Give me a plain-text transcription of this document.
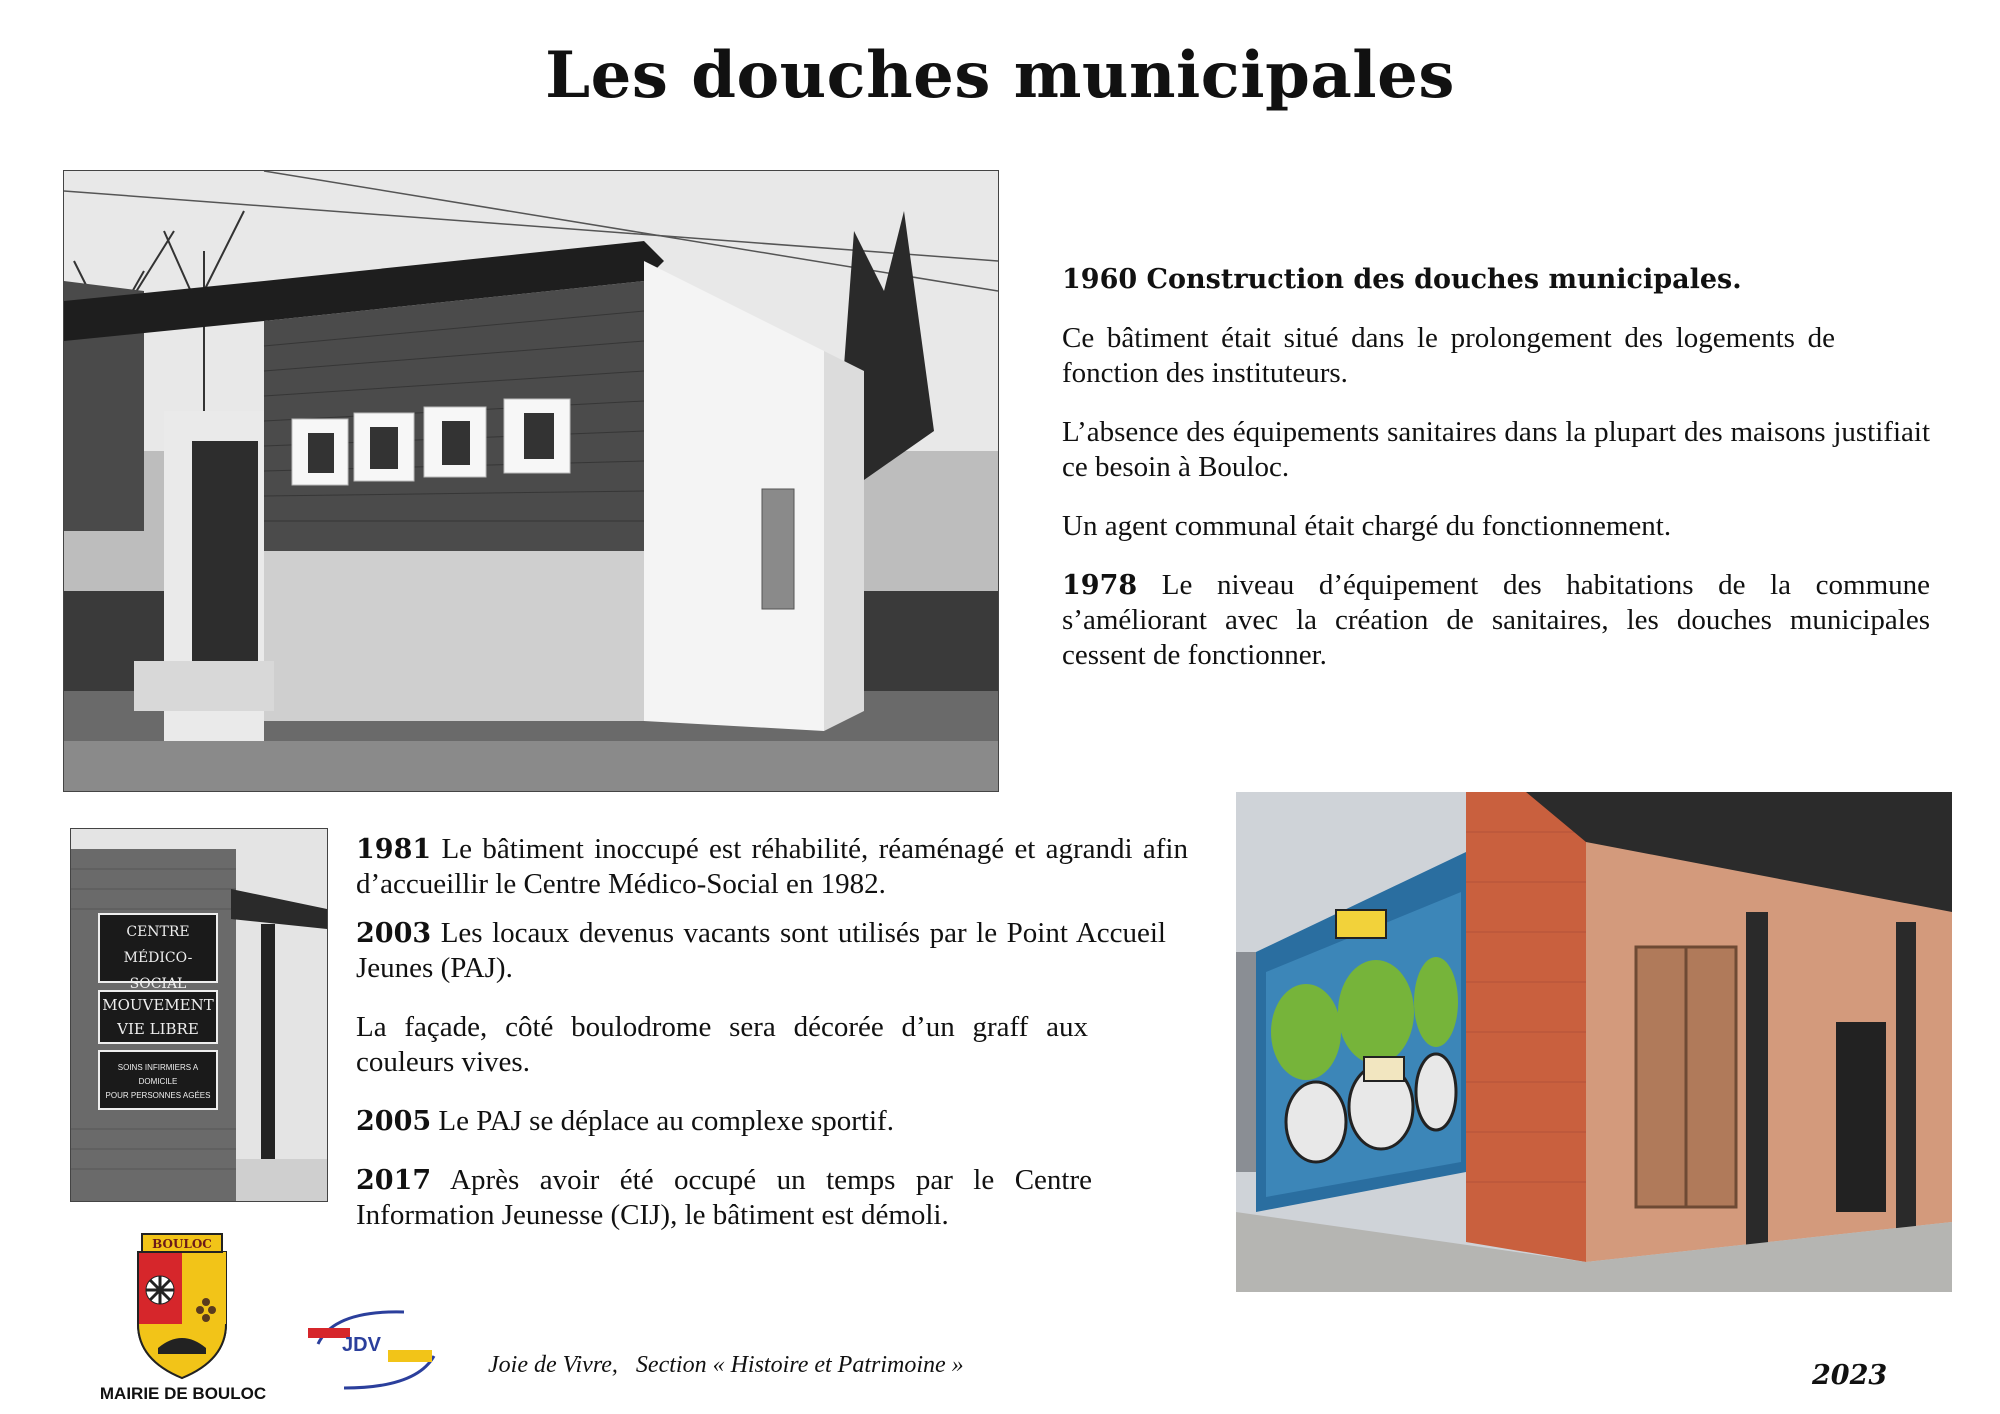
Les douches municipales

1960 Construction des douches municipales.

Ce bâtiment était situé dans le prolongement des logements de fonction des instituteurs.

L’absence des équipements sanitaires dans la plupart des maisons justifiait ce besoin à Bouloc.

Un agent communal était chargé du fonctionnement.

1978 Le niveau d’équipement des habitations de la commune s’améliorant avec la création de sanitaires, les douches municipales cessent de fonctionner.

CENTRE
MÉDICO-SOCIAL
MOUVEMENT
VIE LIBRE
SOINS INFIRMIERS A DOMICILE
POUR PERSONNES AGÉES

1981 Le bâtiment inoccupé est réhabilité, réaménagé et agrandi afin d’accueillir le Centre Médico-Social en 1982.

2003 Les locaux devenus vacants sont utilisés par le Point Accueil Jeunes (PAJ).

La façade, côté boulodrome sera décorée d’un graff aux couleurs vives.

2005 Le PAJ se déplace au complexe sportif.

2017 Après avoir été occupé un temps par le Centre Information Jeunesse (CIJ), le bâtiment est démoli.

BOULOC
MAIRIE DE BOULOC
JDV
Joie de Vivre,   Section « Histoire et Patrimoine »	2023
